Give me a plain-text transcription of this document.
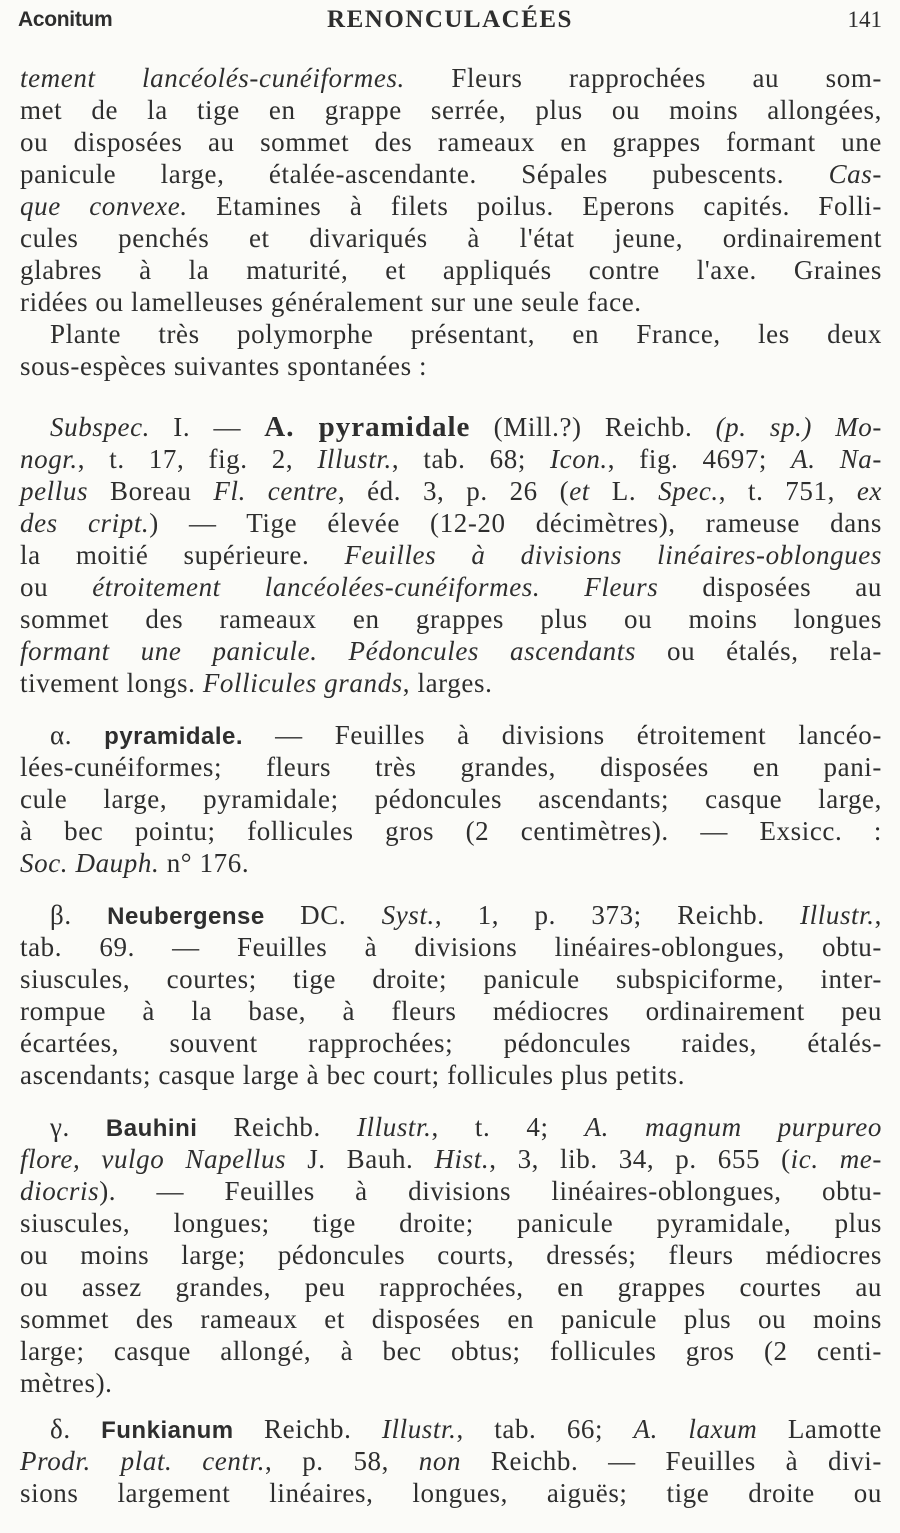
Aconitum	RENONCULACÉES	141
tement lancéolés-cunéiformes. Fleurs rapprochées au som-
met de la tige en grappe serrée, plus ou moins allongées,
ou disposées au sommet des rameaux en grappes formant une
panicule large, étalée-ascendante. Sépales pubescents. Cas-
que convexe. Etamines à filets poilus. Eperons capités. Folli-
cules penchés et divariqués à l'état jeune, ordinairement
glabres à la maturité, et appliqués contre l'axe. Graines
ridées ou lamelleuses généralement sur une seule face.
Plante très polymorphe présentant, en France, les deux
sous-espèces suivantes spontanées :
Subspec. I. — A. pyramidale (Mill.?) Reichb. (p. sp.) Mo-
nogr., t. 17, fig. 2, Illustr., tab. 68; Icon., fig. 4697; A. Na-
pellus Boreau Fl. centre, éd. 3, p. 26 (et L. Spec., t. 751, ex
des cript.) — Tige élevée (12-20 décimètres), rameuse dans
la moitié supérieure. Feuilles à divisions linéaires-oblongues
ou étroitement lancéolées-cunéiformes. Fleurs disposées au
sommet des rameaux en grappes plus ou moins longues
formant une panicule. Pédoncules ascendants ou étalés, rela-
tivement longs. Follicules grands, larges.
α. pyramidale. — Feuilles à divisions étroitement lancéo-
lées-cunéiformes; fleurs très grandes, disposées en pani-
cule large, pyramidale; pédoncules ascendants; casque large,
à bec pointu; follicules gros (2 centimètres). — Exsicc. :
Soc. Dauph. n° 176.
β. Neubergense DC. Syst., 1, p. 373; Reichb. Illustr.,
tab. 69. — Feuilles à divisions linéaires-oblongues, obtu-
siuscules, courtes; tige droite; panicule subspiciforme, inter-
rompue à la base, à fleurs médiocres ordinairement peu
écartées, souvent rapprochées; pédoncules raides, étalés-
ascendants; casque large à bec court; follicules plus petits.
γ. Bauhini Reichb. Illustr., t. 4; A. magnum purpureo
flore, vulgo Napellus J. Bauh. Hist., 3, lib. 34, p. 655 (ic. me-
diocris). — Feuilles à divisions linéaires-oblongues, obtu-
siuscules, longues; tige droite; panicule pyramidale, plus
ou moins large; pédoncules courts, dressés; fleurs médiocres
ou assez grandes, peu rapprochées, en grappes courtes au
sommet des rameaux et disposées en panicule plus ou moins
large; casque allongé, à bec obtus; follicules gros (2 centi-
mètres).
δ. Funkianum Reichb. Illustr., tab. 66; A. laxum Lamotte
Prodr. plat. centr., p. 58, non Reichb. — Feuilles à divi-
sions largement linéaires, longues, aiguës; tige droite ou
